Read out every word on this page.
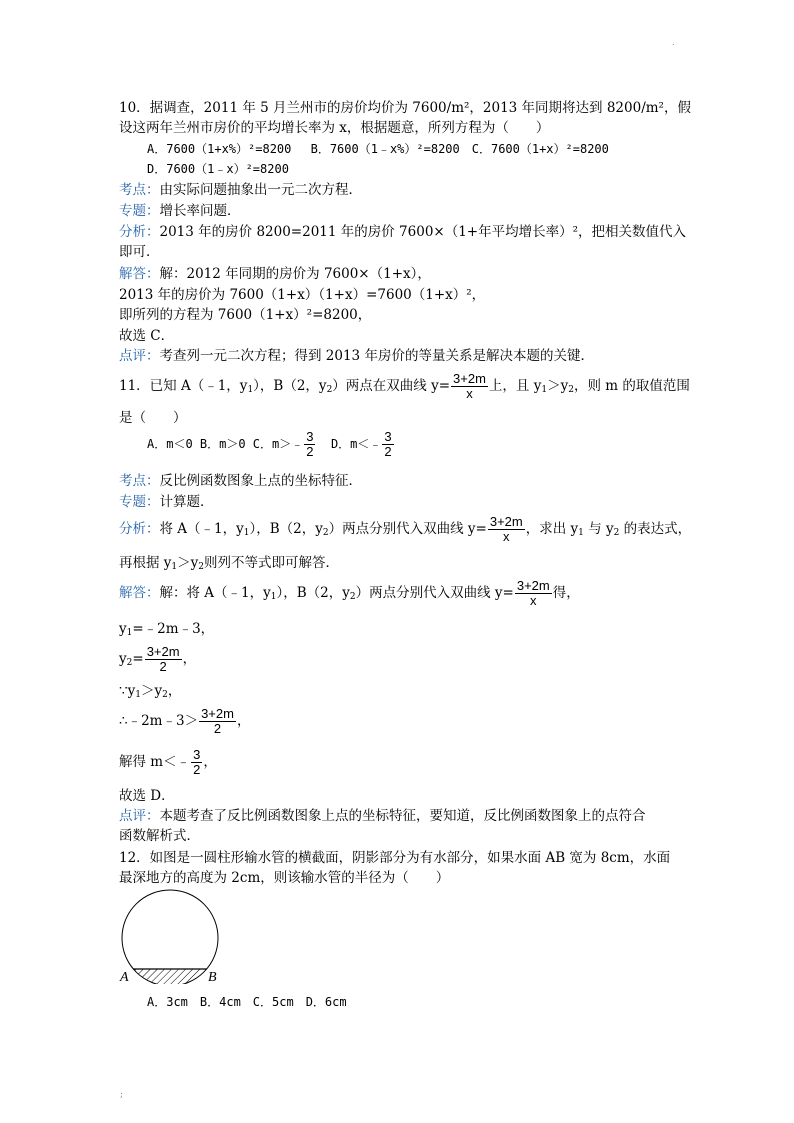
.
10．据调查，2011 年 5 月兰州市的房价均价为 7600/m²，2013 年同期将达到 8200/m²，假
设这两年兰州市房价的平均增长率为 x，根据题意，所列方程为（　　）
A．7600（1+x%）²=8200　 B．7600（1﹣x%）²=8200　C．7600（1+x）²=8200
D．7600（1﹣x）²=8200
考点：由实际问题抽象出一元二次方程．
专题：增长率问题．
分析：2013 年的房价 8200=2011 年的房价 7600×（1+年平均增长率）²，把相关数值代入
即可．
解答：解：2012 年同期的房价为 7600×（1+x），
2013 年的房价为 7600（1+x）（1+x）=7600（1+x）²，
即所列的方程为 7600（1+x）²=8200，
故选 C．
点评：考查列一元二次方程；得到 2013 年房价的等量关系是解决本题的关键．
11．已知 A（﹣1，$y_1$），B（2，$y_2$）两点在双曲线 $y= \frac{3+2m}{x}$ 上，且 $y_1>y_2$，则 m 的取值范围
是（　　）
A．m＜0 B．m＞0 C．m＞﹣ $\frac{3}{2}$ D．m＜﹣ $\frac{3}{2}$
考点：反比例函数图象上点的坐标特征．
专题：计算题．
分析：将 A（﹣1，$y_1$），B（2，$y_2$）两点分别代入双曲线 $y= \frac{3+2m}{x}$ ，求出 $y_1$ 与 $y_2$ 的表达式，
再根据 $y_1>y_2$则列不等式即可解答．
解答：解：将 A（﹣1，$y_1$），B（2，$y_2$）两点分别代入双曲线 $y= \frac{3+2m}{x}$ 得，
$y_1=﹣2m﹣3$，
$y_2= \frac{3+2m}{2}$ ，
$\because y_1>y_2$，
∴﹣2m﹣3＞ $\frac{3+2m}{2}$ ，
解得 m＜﹣ $\frac{3}{2}$ ，
故选 D．
点评：本题考查了反比例函数图象上点的坐标特征，要知道，反比例函数图象上的点符合
函数解析式．
12．如图是一圆柱形输水管的横截面，阴影部分为有水部分，如果水面 AB 宽为 8cm，水面
最深地方的高度为 2cm，则该输水管的半径为（　　）
A	B
A．3cm　B．4cm　C．5cm　D．6cm
;
